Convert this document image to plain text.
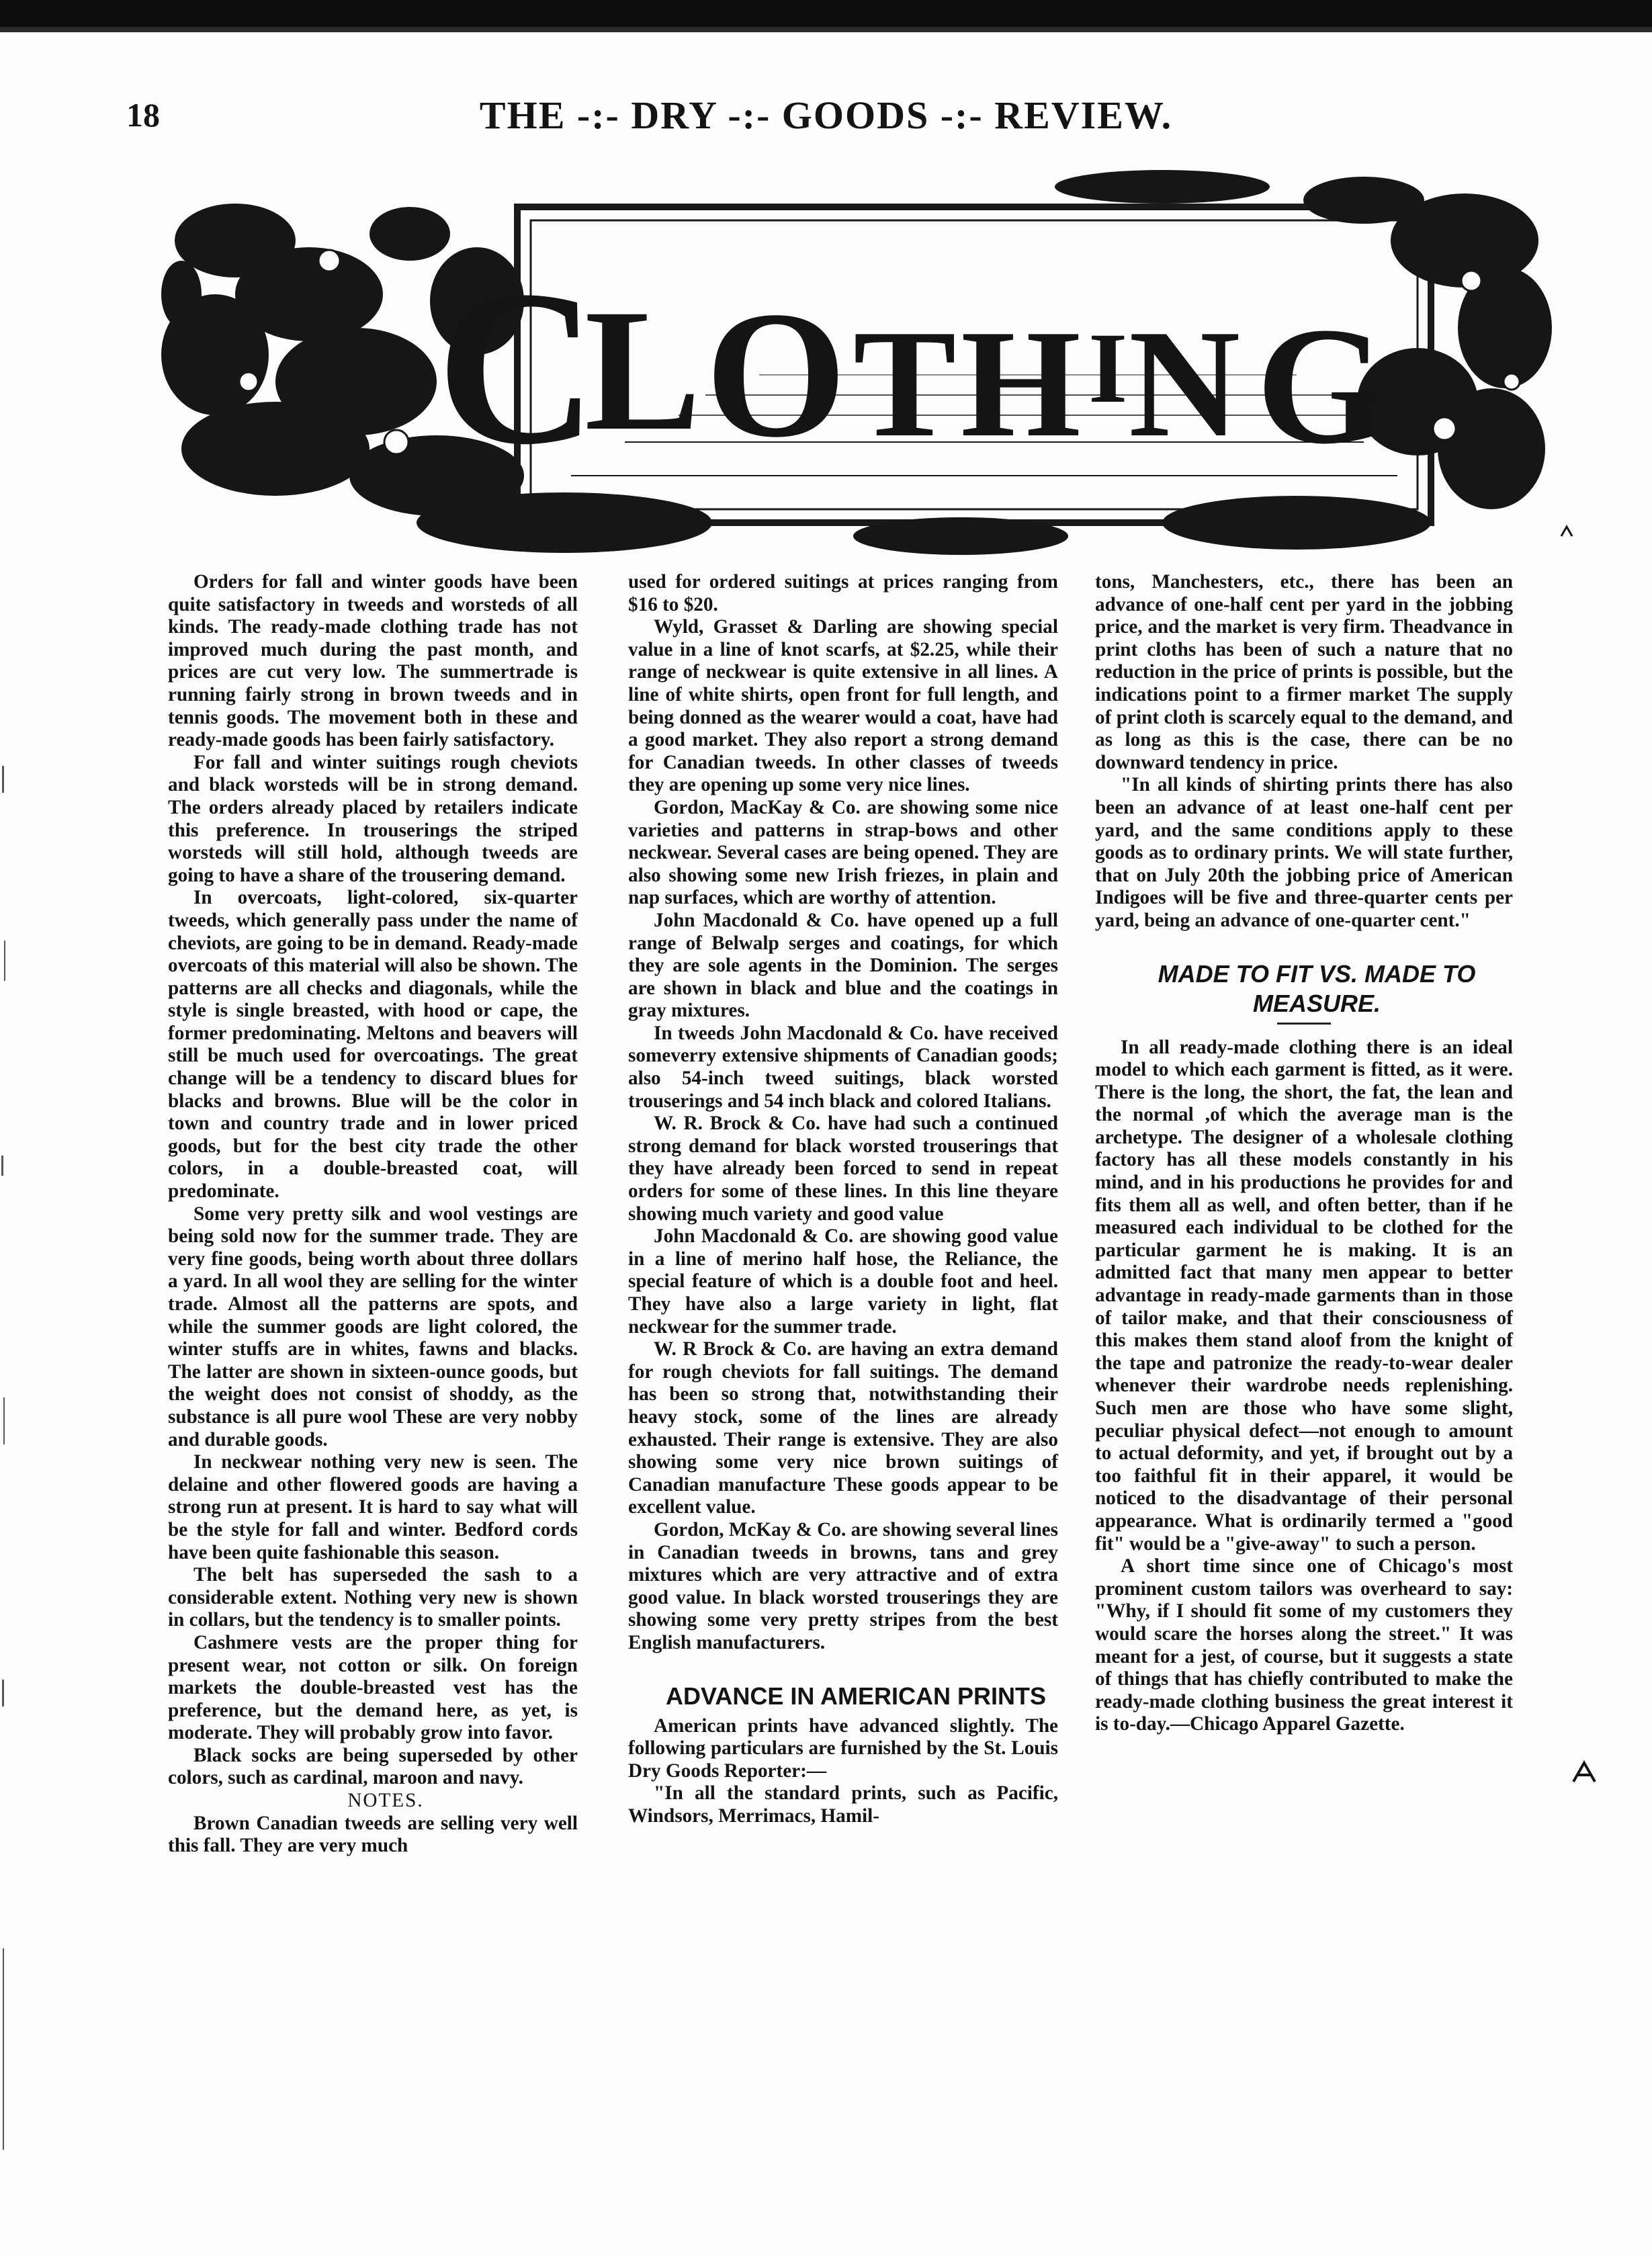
18	THE -:- DRY -:- GOODS -:- REVIEW.
C
L O T H I N G

Orders for fall and winter goods have been quite satisfactory in tweeds and worsteds of all kinds. The ready-made clothing trade has not improved much during the past month, and prices are cut very low. The summertrade is running fairly strong in brown tweeds and in tennis goods. The movement both in these and ready-made goods has been fairly satisfactory.

For fall and winter suitings rough cheviots and black worsteds will be in strong demand. The orders already placed by retailers indicate this preference. In trouserings the striped worsteds will still hold, although tweeds are going to have a share of the trousering demand.

In overcoats, light-colored, six-quarter tweeds, which generally pass under the name of cheviots, are going to be in demand. Ready-made overcoats of this material will also be shown. The patterns are all checks and diagonals, while the style is single breasted, with hood or cape, the former predominating. Meltons and beavers will still be much used for overcoatings. The great change will be a tendency to discard blues for blacks and browns. Blue will be the color in town and country trade and in lower priced goods, but for the best city trade the other colors, in a double-breasted coat, will predominate.

Some very pretty silk and wool vestings are being sold now for the summer trade. They are very fine goods, being worth about three dollars a yard. In all wool they are selling for the winter trade. Almost all the patterns are spots, and while the summer goods are light colored, the winter stuffs are in whites, fawns and blacks. The latter are shown in sixteen-ounce goods, but the weight does not consist of shoddy, as the substance is all pure wool These are very nobby and durable goods.

In neckwear nothing very new is seen. The delaine and other flowered goods are having a strong run at present. It is hard to say what will be the style for fall and winter. Bedford cords have been quite fashionable this season.

The belt has superseded the sash to a considerable extent. Nothing very new is shown in collars, but the tendency is to smaller points.

Cashmere vests are the proper thing for present wear, not cotton or silk. On foreign markets the double-breasted vest has the preference, but the demand here, as yet, is moderate. They will probably grow into favor.

Black socks are being superseded by other colors, such as cardinal, maroon and navy.

NOTES.

Brown Canadian tweeds are selling very well this fall. They are very much

used for ordered suitings at prices ranging from $16 to $20.

Wyld, Grasset & Darling are showing special value in a line of knot scarfs, at $2.25, while their range of neckwear is quite extensive in all lines. A line of white shirts, open front for full length, and being donned as the wearer would a coat, have had a good market. They also report a strong demand for Canadian tweeds. In other classes of tweeds they are opening up some very nice lines.

Gordon, MacKay & Co. are showing some nice varieties and patterns in strap-bows and other neckwear. Several cases are being opened. They are also showing some new Irish friezes, in plain and nap surfaces, which are worthy of attention.

John Macdonald & Co. have opened up a full range of Belwalp serges and coatings, for which they are sole agents in the Dominion. The serges are shown in black and blue and the coatings in gray mixtures.

In tweeds John Macdonald & Co. have received someverry extensive shipments of Canadian goods; also 54-inch tweed suitings, black worsted trouserings and 54 inch black and colored Italians.

W. R. Brock & Co. have had such a continued strong demand for black worsted trouserings that they have already been forced to send in repeat orders for some of these lines. In this line theyare showing much variety and good value

John Macdonald & Co. are showing good value in a line of merino half hose, the Reliance, the special feature of which is a double foot and heel. They have also a large variety in light, flat neckwear for the summer trade.

W. R Brock & Co. are having an extra demand for rough cheviots for fall suitings. The demand has been so strong that, notwithstanding their heavy stock, some of the lines are already exhausted. Their range is extensive. They are also showing some very nice brown suitings of Canadian manufacture These goods appear to be excellent value.

Gordon, McKay & Co. are showing several lines in Canadian tweeds in browns, tans and grey mixtures which are very attractive and of extra good value. In black worsted trouserings they are showing some very pretty stripes from the best English manufacturers.

ADVANCE IN AMERICAN PRINTS

American prints have advanced slightly. The following particulars are furnished by the St. Louis Dry Goods Reporter:—

"In all the standard prints, such as Pacific, Windsors, Merrimacs, Hamil-

tons, Manchesters, etc., there has been an advance of one-half cent per yard in the jobbing price, and the market is very firm. Theadvance in print cloths has been of such a nature that no reduction in the price of prints is possible, but the indications point to a firmer market The supply of print cloth is scarcely equal to the demand, and as long as this is the case, there can be no downward tendency in price.

"In all kinds of shirting prints there has also been an advance of at least one-half cent per yard, and the same conditions apply to these goods as to ordinary prints. We will state further, that on July 20th the jobbing price of American Indigoes will be five and three-quarter cents per yard, being an advance of one-quarter cent."

MADE TO FIT VS. MADE TO

MEASURE.

In all ready-made clothing there is an ideal model to which each garment is fitted, as it were. There is the long, the short, the fat, the lean and the normal ,of which the average man is the archetype. The designer of a wholesale clothing factory has all these models constantly in his mind, and in his productions he provides for and fits them all as well, and often better, than if he measured each individual to be clothed for the particular garment he is making. It is an admitted fact that many men appear to better advantage in ready-made garments than in those of tailor make, and that their consciousness of this makes them stand aloof from the knight of the tape and patronize the ready-to-wear dealer whenever their wardrobe needs replenishing. Such men are those who have some slight, peculiar physical defect—not enough to amount to actual deformity, and yet, if brought out by a too faithful fit in their apparel, it would be noticed to the disadvantage of their personal appearance. What is ordinarily termed a "good fit" would be a "give-away" to such a person.

A short time since one of Chicago's most prominent custom tailors was overheard to say: "Why, if I should fit some of my customers they would scare the horses along the street." It was meant for a jest, of course, but it suggests a state of things that has chiefly contributed to make the ready-made clothing business the great interest it is to-day.—Chicago Apparel Gazette.
